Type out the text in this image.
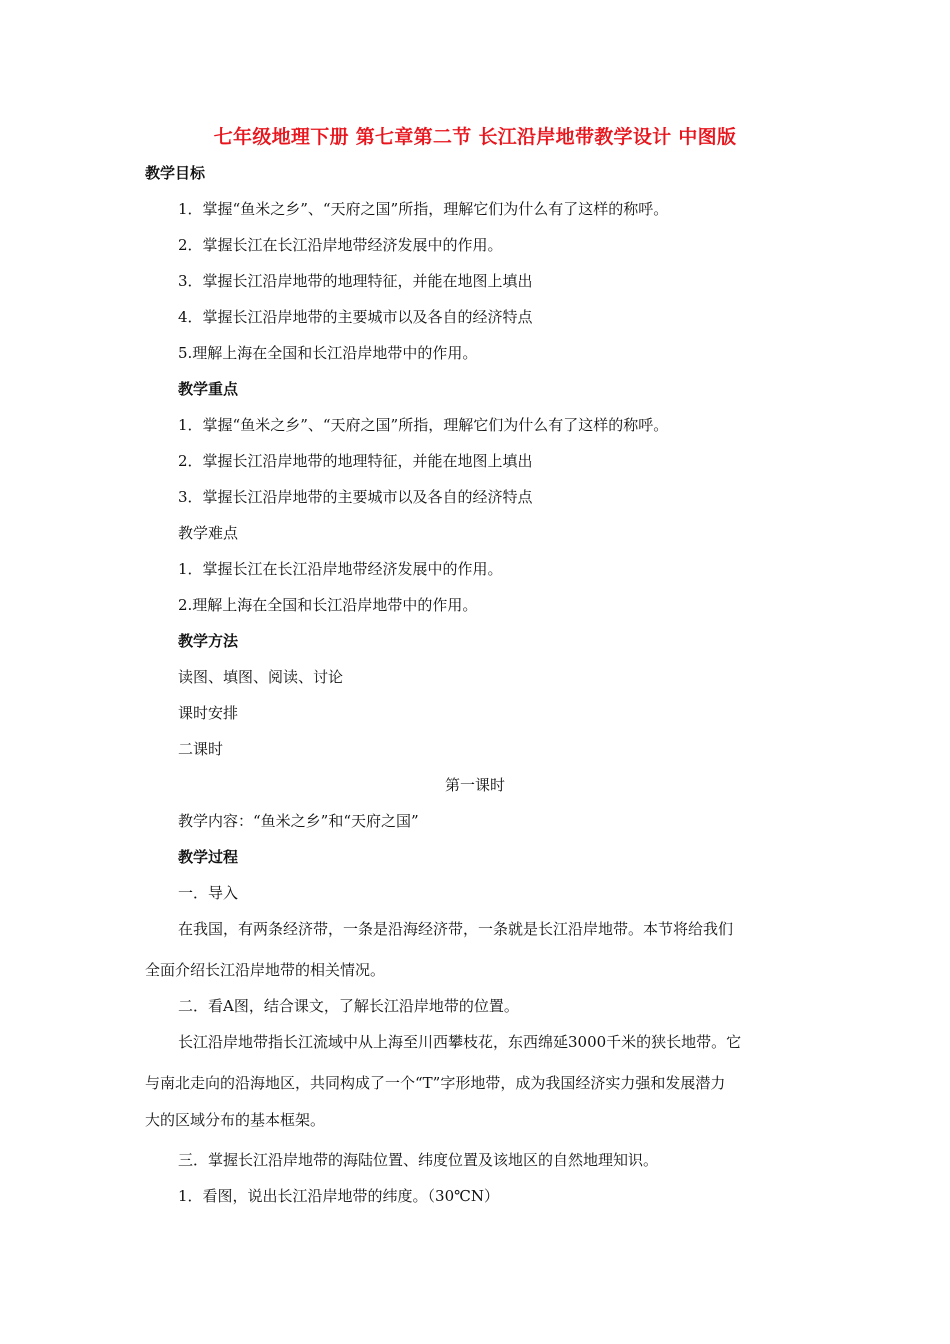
七年级地理下册 第七章第二节 长江沿岸地带教学设计 中图版
教学目标
1．掌握“鱼米之乡”、“天府之国”所指，理解它们为什么有了这样的称呼。
2．掌握长江在长江沿岸地带经济发展中的作用。
3．掌握长江沿岸地带的地理特征，并能在地图上填出
4．掌握长江沿岸地带的主要城市以及各自的经济特点
5.理解上海在全国和长江沿岸地带中的作用。
教学重点
1．掌握“鱼米之乡”、“天府之国”所指，理解它们为什么有了这样的称呼。
2．掌握长江沿岸地带的地理特征，并能在地图上填出
3．掌握长江沿岸地带的主要城市以及各自的经济特点
教学难点
1．掌握长江在长江沿岸地带经济发展中的作用。
2.理解上海在全国和长江沿岸地带中的作用。
教学方法
读图、填图、阅读、讨论
课时安排
二课时
第一课时
教学内容：“鱼米之乡”和“天府之国”
教学过程
一．导入
在我国，有两条经济带，一条是沿海经济带，一条就是长江沿岸地带。本节将给我们
全面介绍长江沿岸地带的相关情况。
二．看A图，结合课文，了解长江沿岸地带的位置。
长江沿岸地带指长江流域中从上海至川西攀枝花，东西绵延3000千米的狭长地带。它
与南北走向的沿海地区，共同构成了一个“T”字形地带，成为我国经济实力强和发展潜力
大的区域分布的基本框架。
三．掌握长江沿岸地带的海陆位置、纬度位置及该地区的自然地理知识。
1．看图，说出长江沿岸地带的纬度。（30℃N）
